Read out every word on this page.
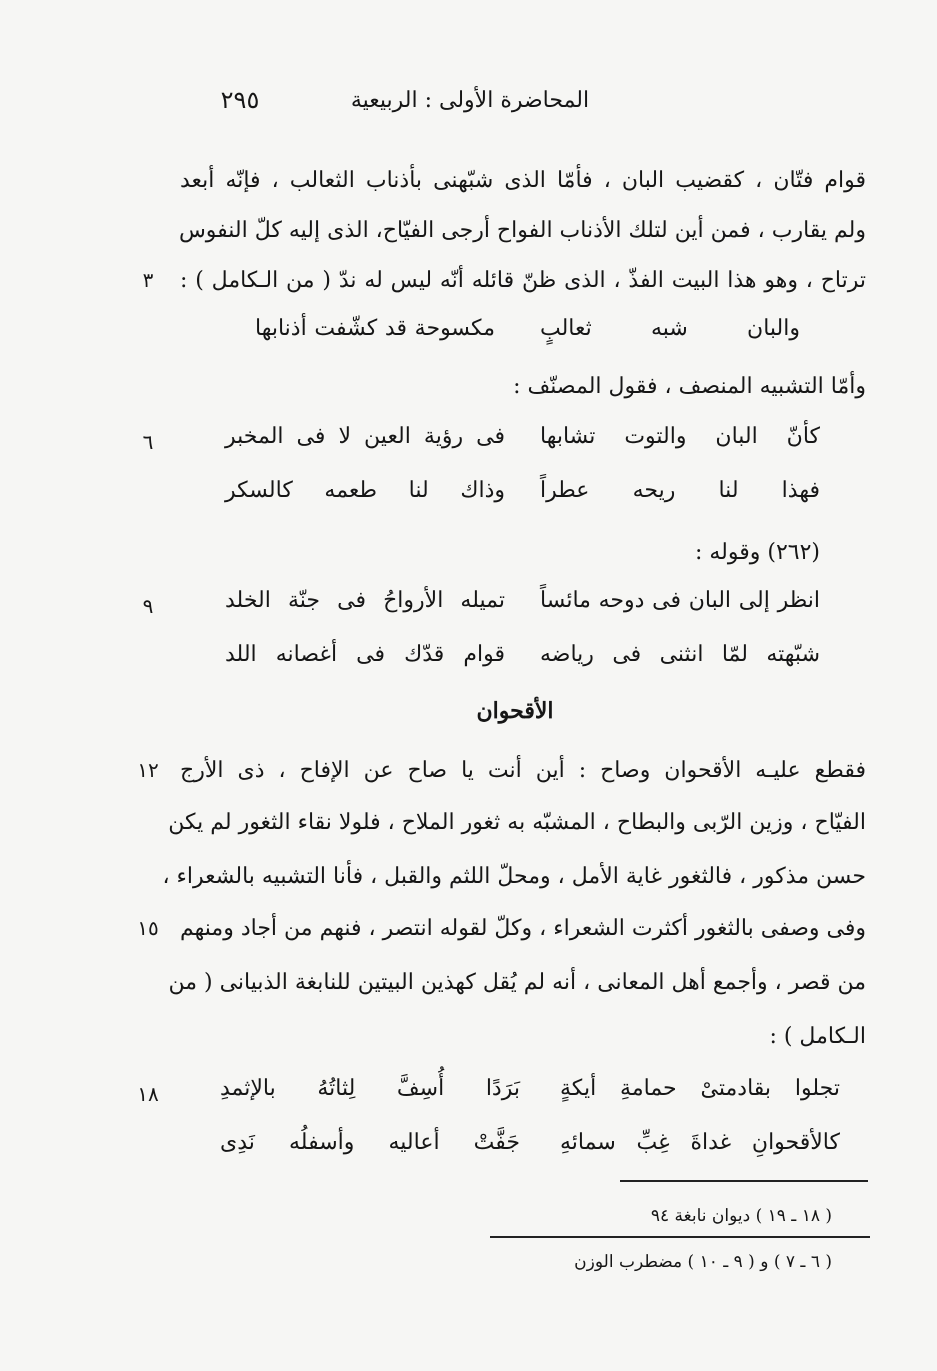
المحاضرة الأولى : الربيعية
٢٩٥
قوام فتّان ، كقضيب البان ، فأمّا الذى شبّهنى بأذناب الثعالب ، فإنّه أبعد
ولم يقارب ، فمن أين لتلك الأذناب الفواح أرجى الفيّاح، الذى إليه كلّ النفوس
ترتاح ، وهو هذا البيت الفذّ ، الذى ظنّ قائله أنّه ليس له ندّ ( من الـكامل ) :
٣
والبان شبه ثعالبٍ
مكسوحة قد كشّفت أذنابها
وأمّا التشبيه المنصف ، فقول المصنّف :
٦	كأنّ البان والتوت تشابها
فى رؤية العين لا فى المخبر
فهذا لنا ريحه عطراً
وذاك لنا طعمه كالسكر
(٢٦٢) وقوله :
٩	انظر إلى البان فى دوحه مائساً
تميله الأرواحُ فى جنّة الخلد
شبّهته لمّا انثنى فى رياضه
قوام قدّك فى أغصانه اللد
الأقحوان
١٢ فقطع عليـه الأقحوان وصاح : أين أنت يا صاح عن الإفاح ، ذى الأرج
الفيّاح ، وزين الرّبى والبطاح ، المشبّه به ثغور الملاح ، فلولا نقاء الثغور لم يكن
حسن مذكور ، فالثغور غاية الأمل ، ومحلّ اللثم والقبل ، فأنا التشبيه بالشعراء ،
١٥ وفى وصفى بالثغور أكثرت الشعراء ، وكلّ لقوله انتصر ، فنهم من أجاد ومنهم
من قصر ، وأجمع أهل المعانى ، أنه لم يُقل كهذين البيتين للنابغة الذبيانى ( من
الـكامل ) :
١٨	تجلوا بقادمتىْ حمامةِ أيكةٍ
بَرَدًا أُسِفَّ لِثاتُهُ بالإثمدِ
كالأقحوانِ غداةَ غِبِّ سمائهِ
جَفَّتْ أعاليه وأسفلُه نَدِى
( ١٨ ـ ١٩ ) ديوان نابغة ٩٤
( ٦ ـ ٧ ) و ( ٩ ـ ١٠ ) مضطرب الوزن
